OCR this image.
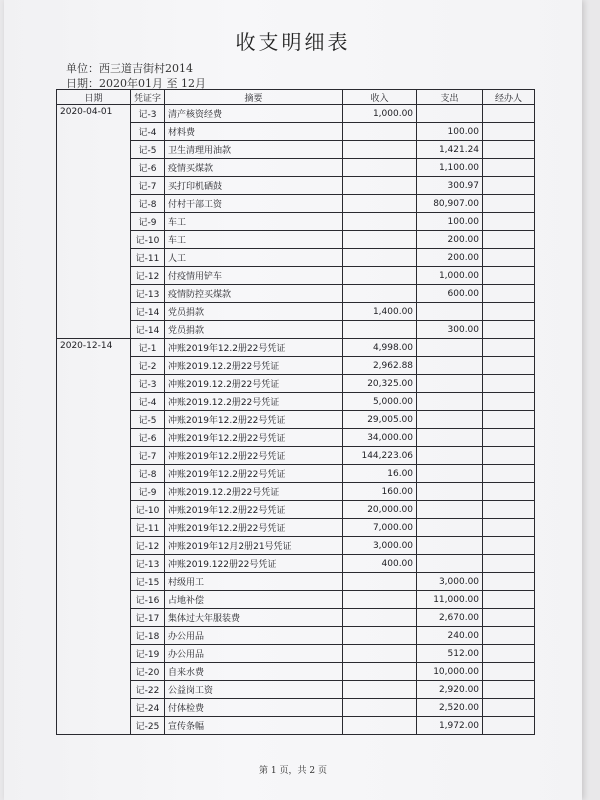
收支明细表
单位：西三道吉街村2014
日期：2020年01月 至 12月
日期	凭证字	摘要	收入	支出	经办人
2020-04-01	记-3	清产核资经费	1,000.00		
	记-4	材料费		100.00	
	记-5	卫生清理用油款		1,421.24	
	记-6	疫情买煤款		1,100.00	
	记-7	买打印机硒鼓		300.97	
	记-8	付村干部工资		80,907.00	
	记-9	车工		100.00	
	记-10	车工		200.00	
	记-11	人工		200.00	
	记-12	付疫情用铲车		1,000.00	
	记-13	疫情防控买煤款		600.00	
	记-14	党员捐款	1,400.00		
	记-14	党员捐款		300.00	
2020-12-14	记-1	冲账2019年12.2册22号凭证	4,998.00		
	记-2	冲账2019.12.2册22号凭证	2,962.88		
	记-3	冲账2019.12.2册22号凭证	20,325.00		
	记-4	冲账2019.12.2册22号凭证	5,000.00		
	记-5	冲账2019年12.2册22号凭证	29,005.00		
	记-6	冲账2019年12.2册22号凭证	34,000.00		
	记-7	冲账2019年12.2册22号凭证	144,223.06		
	记-8	冲账2019年12.2册22号凭证	16.00		
	记-9	冲账2019.12.2册22号凭证	160.00		
	记-10	冲账2019年12.2册22号凭证	20,000.00		
	记-11	冲账2019年12.2册22号凭证	7,000.00		
	记-12	冲账2019年12月2册21号凭证	3,000.00		
	记-13	冲账2019.122册22号凭证	400.00		
	记-15	村级用工		3,000.00	
	记-16	占地补偿		11,000.00	
	记-17	集体过大年服装费		2,670.00	
	记-18	办公用品		240.00	
	记-19	办公用品		512.00	
	记-20	自来水费		10,000.00	
	记-22	公益岗工资		2,920.00	
	记-24	付体检费		2,520.00	
	记-25	宣传条幅		1,972.00	
第 1 页，共 2 页
